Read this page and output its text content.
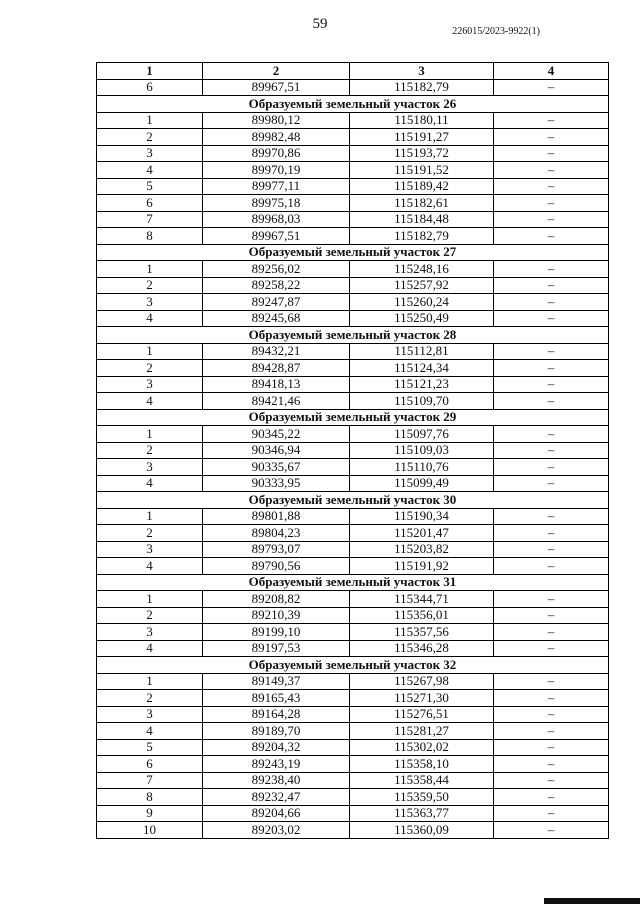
59	226015/2023-9922(1)
1	2	3	4
6	89967,51	115182,79	–
Образуемый земельный участок 26			
1	89980,12	115180,11	–
2	89982,48	115191,27	–
3	89970,86	115193,72	–
4	89970,19	115191,52	–
5	89977,11	115189,42	–
6	89975,18	115182,61	–
7	89968,03	115184,48	–
8	89967,51	115182,79	–
Образуемый земельный участок 27			
1	89256,02	115248,16	–
2	89258,22	115257,92	–
3	89247,87	115260,24	–
4	89245,68	115250,49	–
Образуемый земельный участок 28			
1	89432,21	115112,81	–
2	89428,87	115124,34	–
3	89418,13	115121,23	–
4	89421,46	115109,70	–
Образуемый земельный участок 29			
1	90345,22	115097,76	–
2	90346,94	115109,03	–
3	90335,67	115110,76	–
4	90333,95	115099,49	–
Образуемый земельный участок 30			
1	89801,88	115190,34	–
2	89804,23	115201,47	–
3	89793,07	115203,82	–
4	89790,56	115191,92	–
Образуемый земельный участок 31			
1	89208,82	115344,71	–
2	89210,39	115356,01	–
3	89199,10	115357,56	–
4	89197,53	115346,28	–
Образуемый земельный участок 32			
1	89149,37	115267,98	–
2	89165,43	115271,30	–
3	89164,28	115276,51	–
4	89189,70	115281,27	–
5	89204,32	115302,02	–
6	89243,19	115358,10	–
7	89238,40	115358,44	–
8	89232,47	115359,50	–
9	89204,66	115363,77	–
10	89203,02	115360,09	–
